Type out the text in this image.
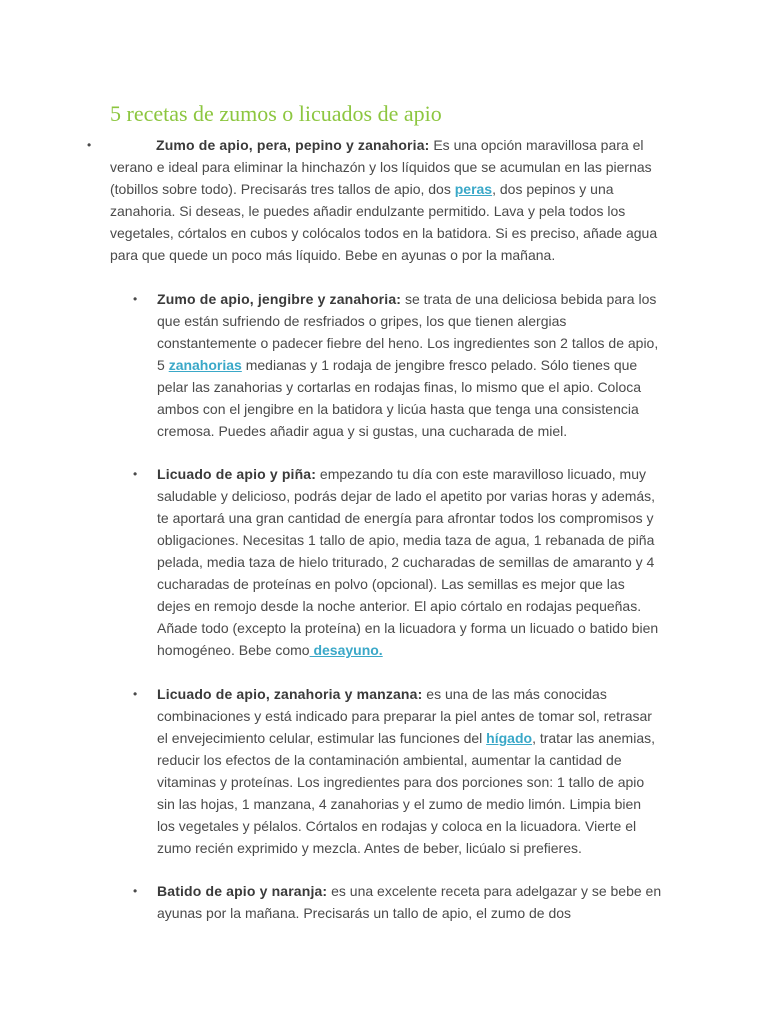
5 recetas de zumos o licuados de apio
•	Zumo de apio, pera, pepino y zanahoria: Es una opción maravillosa para el verano e ideal para eliminar la hinchazón y los líquidos que se acumulan en las piernas (tobillos sobre todo). Precisarás tres tallos de apio, dos peras, dos pepinos y una zanahoria. Si deseas, le puedes añadir endulzante permitido. Lava y pela todos los vegetales, córtalos en cubos y colócalos todos en la batidora. Si es preciso, añade agua para que quede un poco más líquido. Bebe en ayunas o por la mañana.

• Zumo de apio, jengibre y zanahoria: se trata de una deliciosa bebida para los que están sufriendo de resfriados o gripes, los que tienen alergias constantemente o padecer fiebre del heno. Los ingredientes son 2 tallos de apio, 5 zanahorias medianas y 1 rodaja de jengibre fresco pelado. Sólo tienes que pelar las zanahorias y cortarlas en rodajas finas, lo mismo que el apio. Coloca ambos con el jengibre en la batidora y licúa hasta que tenga una consistencia cremosa. Puedes añadir agua y si gustas, una cucharada de miel.

• Licuado de apio y piña: empezando tu día con este maravilloso licuado, muy saludable y delicioso, podrás dejar de lado el apetito por varias horas y además, te aportará una gran cantidad de energía para afrontar todos los compromisos y obligaciones. Necesitas 1 tallo de apio, media taza de agua, 1 rebanada de piña pelada, media taza de hielo triturado, 2 cucharadas de semillas de amaranto y 4 cucharadas de proteínas en polvo (opcional). Las semillas es mejor que las dejes en remojo desde la noche anterior. El apio córtalo en rodajas pequeñas. Añade todo (excepto la proteína) en la licuadora y forma un licuado o batido bien homogéneo. Bebe como desayuno.

• Licuado de apio, zanahoria y manzana: es una de las más conocidas combinaciones y está indicado para preparar la piel antes de tomar sol, retrasar el envejecimiento celular, estimular las funciones del hígado, tratar las anemias, reducir los efectos de la contaminación ambiental, aumentar la cantidad de vitaminas y proteínas. Los ingredientes para dos porciones son: 1 tallo de apio sin las hojas, 1 manzana, 4 zanahorias y el zumo de medio limón. Limpia bien los vegetales y pélalos. Córtalos en rodajas y coloca en la licuadora. Vierte el zumo recién exprimido y mezcla. Antes de beber, licúalo si prefieres.

• Batido de apio y naranja: es una excelente receta para adelgazar y se bebe en ayunas por la mañana. Precisarás un tallo de apio, el zumo de dos
